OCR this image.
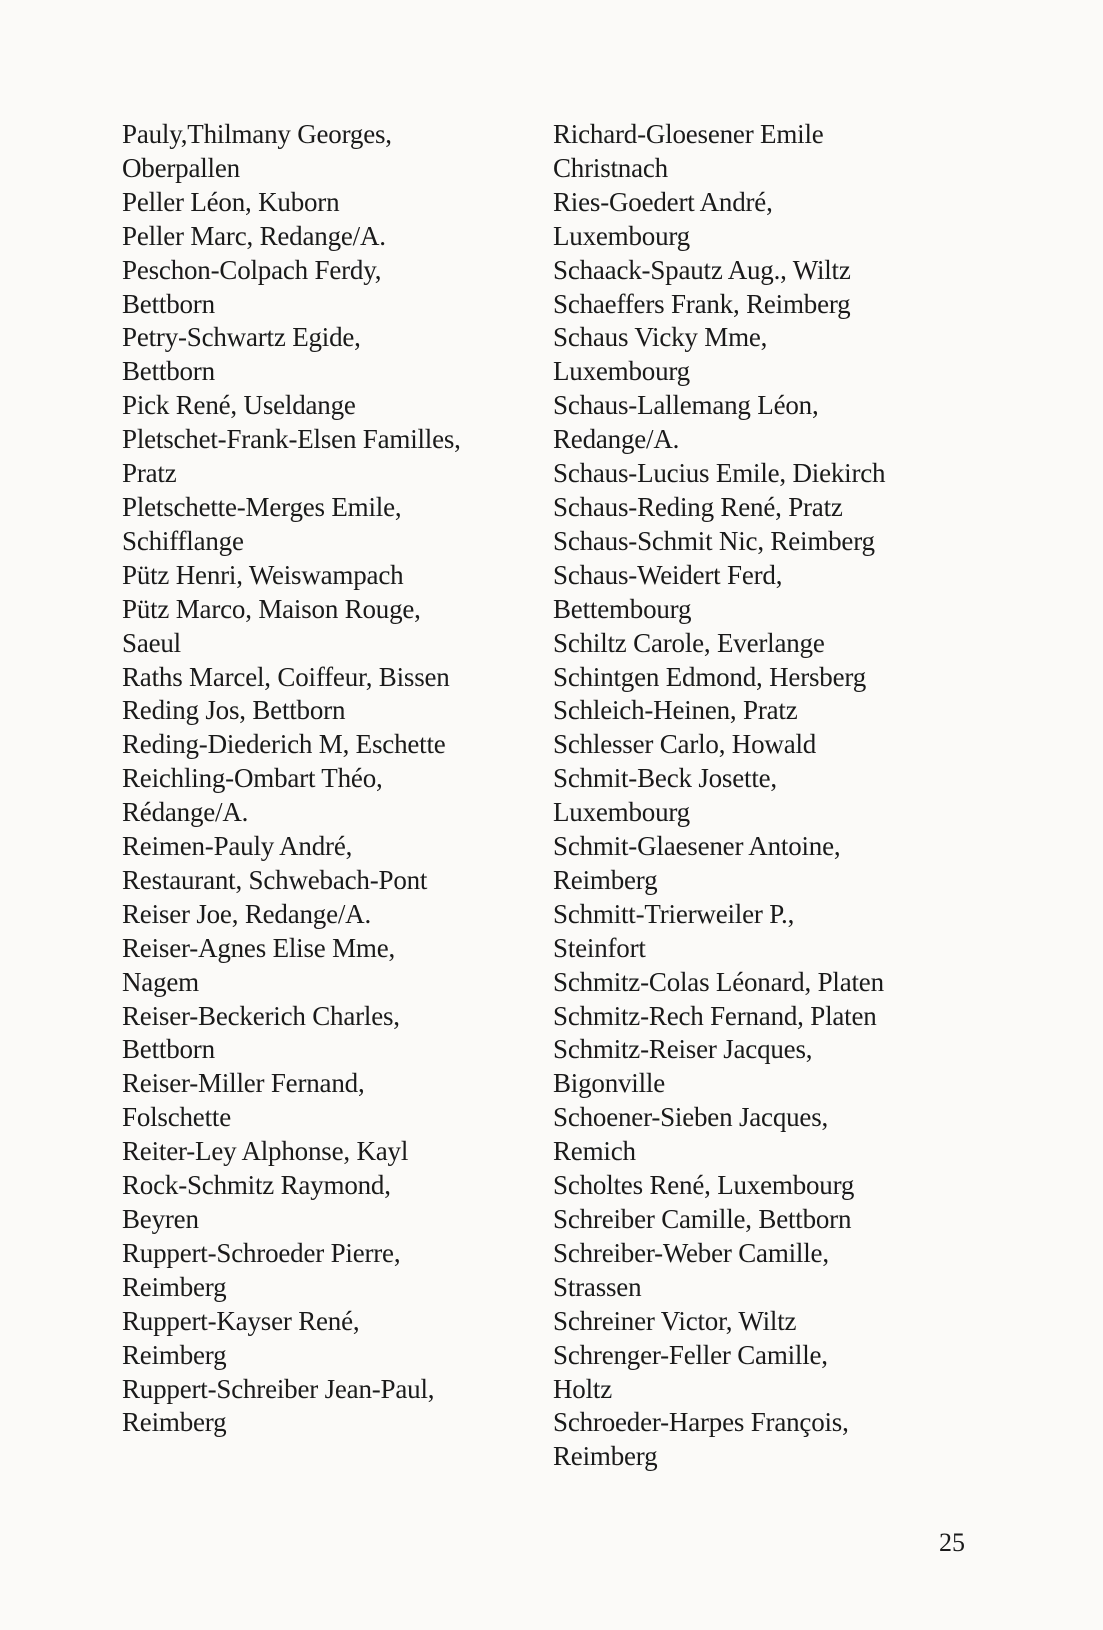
Pauly,Thilmany Georges,
Oberpallen
Peller Léon, Kuborn
Peller Marc, Redange/A.
Peschon-Colpach Ferdy,
Bettborn
Petry-Schwartz Egide,
Bettborn
Pick René, Useldange
Pletschet-Frank-Elsen Familles,
Pratz
Pletschette-Merges Emile,
Schifflange
Pütz Henri, Weiswampach
Pütz Marco, Maison Rouge,
Saeul
Raths Marcel, Coiffeur, Bissen
Reding Jos, Bettborn
Reding-Diederich M, Eschette
Reichling-Ombart Théo,
Rédange/A.
Reimen-Pauly André,
Restaurant, Schwebach-Pont
Reiser Joe, Redange/A.
Reiser-Agnes Elise Mme,
Nagem
Reiser-Beckerich Charles,
Bettborn
Reiser-Miller Fernand,
Folschette
Reiter-Ley Alphonse, Kayl
Rock-Schmitz Raymond,
Beyren
Ruppert-Schroeder Pierre,
Reimberg
Ruppert-Kayser René,
Reimberg
Ruppert-Schreiber Jean-Paul,
Reimberg
Richard-Gloesener Emile
Christnach
Ries-Goedert André,
Luxembourg
Schaack-Spautz Aug., Wiltz
Schaeffers Frank, Reimberg
Schaus Vicky Mme,
Luxembourg
Schaus-Lallemang Léon,
Redange/A.
Schaus-Lucius Emile, Diekirch
Schaus-Reding René, Pratz
Schaus-Schmit Nic, Reimberg
Schaus-Weidert Ferd,
Bettembourg
Schiltz Carole, Everlange
Schintgen Edmond, Hersberg
Schleich-Heinen, Pratz
Schlesser Carlo, Howald
Schmit-Beck Josette,
Luxembourg
Schmit-Glaesener Antoine,
Reimberg
Schmitt-Trierweiler P.,
Steinfort
Schmitz-Colas Léonard, Platen
Schmitz-Rech Fernand, Platen
Schmitz-Reiser Jacques,
Bigonville
Schoener-Sieben Jacques,
Remich
Scholtes René, Luxembourg
Schreiber Camille, Bettborn
Schreiber-Weber Camille,
Strassen
Schreiner Victor, Wiltz
Schrenger-Feller Camille,
Holtz
Schroeder-Harpes François,
Reimberg
25
